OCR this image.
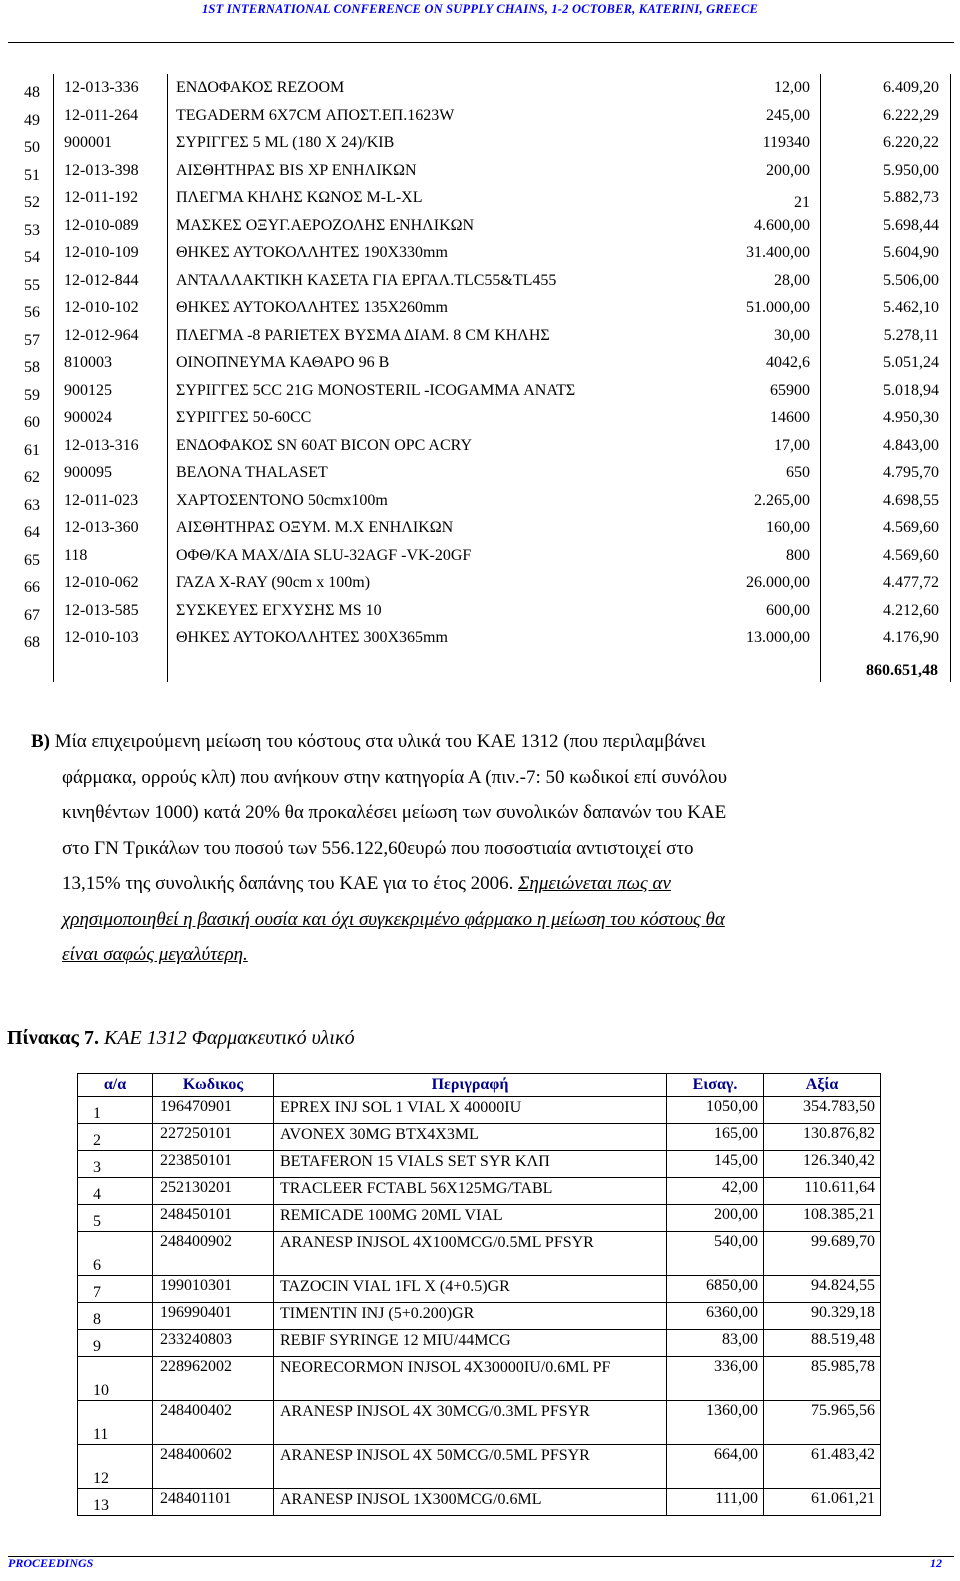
1ST INTERNATIONAL CONFERENCE ON SUPPLY CHAINS, 1-2 OCTOBER, KATERINI, GREECE
48 12-013-336 ΕΝΔΟΦΑΚΟΣ REZOOM	12,00	6.409,20
49 12-011-264 TEGADERM 6X7CM ΑΠΟΣΤ.ΕΠ.1623W	245,00	6.222,29
50 900001	ΣΥΡΙΓΓΕΣ 5 ML (180 X 24)/KIB	119340	6.220,22
51 12-013-398 ΑΙΣΘΗΤΗΡΑΣ BIS XP ΕΝΗΛΙΚΩΝ	200,00	5.950,00
52 12-011-192 ΠΛΕΓΜΑ ΚΗΛΗΣ ΚΩΝΟΣ M-L-XL	21	5.882,73
53 12-010-089 ΜΑΣΚΕΣ ΟΞΥΓ.ΑΕΡΟΖΟΛΗΣ ΕΝΗΛΙΚΩΝ	4.600,00	5.698,44
54 12-010-109 ΘΗΚΕΣ ΑΥΤΟΚΟΛΛΗΤΕΣ 190Χ330mm	31.400,00	5.604,90
55 12-012-844 ΑΝΤΑΛΛΑΚΤΙΚΗ ΚΑΣΕΤΑ ΓΙΑ ΕΡΓΑΛ.TLC55&TL455	28,00	5.506,00
56 12-010-102 ΘΗΚΕΣ ΑΥΤΟΚΟΛΛΗΤΕΣ 135Χ260mm	51.000,00	5.462,10
57 12-012-964 ΠΛΕΓΜΑ -8 PARIETEX ΒΥΣΜΑ ΔΙΑΜ. 8 CM ΚΗΛΗΣ	30,00	5.278,11
58 810003	ΟΙΝΟΠΝΕΥΜΑ ΚΑΘΑΡΟ 96 Β	4042,6	5.051,24
59 900125	ΣΥΡΙΓΓΕΣ 5CC 21G MONOSTERIL -ICOGAMMA ΑΝΑΤΣ	65900	5.018,94
60 900024	ΣΥΡΙΓΓΕΣ 50-60CC	14600	4.950,30
61 12-013-316 ΕΝΔΟΦΑΚΟΣ SN 60AT BICON OPC ACRY	17,00	4.843,00
62 900095	ΒΕΛΟΝΑ THALASET	650	4.795,70
63 12-011-023 ΧΑΡΤΟΣΕΝΤΟΝΟ 50cmx100m	2.265,00	4.698,55
64 12-013-360 ΑΙΣΘΗΤΗΡΑΣ ΟΞΥΜ. Μ.Χ ΕΝΗΛΙΚΩΝ	160,00	4.569,60
65 118	ΟΦΘ/ΚΑ ΜΑΧ/ΔΙΑ SLU-32AGF -VK-20GF	800	4.569,60
66 12-010-062 ΓΑΖΑ X-RAY (90cm x 100m)	26.000,00	4.477,72
67 12-013-585 ΣΥΣΚΕΥΕΣ ΕΓΧΥΣΗΣ MS 10	600,00	4.212,60
68 12-010-103 ΘΗΚΕΣ ΑΥΤΟΚΟΛΛΗΤΕΣ 300Χ365mm	13.000,00	4.176,90
860.651,48
B) Μία επιχειρούμενη μείωση του κόστους στα υλικά του ΚΑΕ 1312 (που περιλαμβάνει
φάρμακα, ορρούς κλπ) που ανήκουν στην κατηγορία Α (πιν.-7: 50 κωδικοί επί συνόλου
κινηθέντων 1000) κατά 20% θα προκαλέσει μείωση των συνολικών δαπανών του ΚΑΕ
στο ΓΝ Τρικάλων του ποσού των 556.122,60ευρώ που ποσοστιαία αντιστοιχεί στο
13,15% της συνολικής δαπάνης του ΚΑΕ για το έτος 2006. Σημειώνεται πως αν
χρησιμοποιηθεί η βασική ουσία και όχι συγκεκριμένο φάρμακο η μείωση του κόστους θα
είναι σαφώς μεγαλύτερη.
Πίνακας 7. ΚΑΕ 1312 Φαρμακευτικό υλικό
α/α	Κωδικος	Περιγραφή	Εισαγ.	Αξία
1	196470901	EPREX INJ SOL 1 VIAL X 40000IU	1050,00	354.783,50
2	227250101	AVONEX 30MG BTX4X3ML	165,00	130.876,82
3	223850101	BETAFERON 15 VIALS SET SYR ΚΛΠ	145,00	126.340,42
4	252130201	TRACLEER FCTABL 56X125MG/TABL	42,00	110.611,64
5	248450101	REMICADE 100MG 20ML VIAL	200,00	108.385,21
6	248400902	ARANESP INJSOL 4X100MCG/0.5ML PFSYR	540,00	99.689,70
7	199010301	TAZOCIN VIAL 1FL X (4+0.5)GR	6850,00	94.824,55
8	196990401	TIMENTIN INJ (5+0.200)GR	6360,00	90.329,18
9	233240803	REBIF SYRINGE 12 MIU/44MCG	83,00	88.519,48
10	228962002	NEORECORMON INJSOL 4X30000IU/0.6ML PF	336,00	85.985,78
11	248400402	ARANESP INJSOL 4X 30MCG/0.3ML PFSYR	1360,00	75.965,56
12	248400602	ARANESP INJSOL 4X 50MCG/0.5ML PFSYR	664,00	61.483,42
13	248401101	ARANESP INJSOL 1X300MCG/0.6ML	111,00	61.061,21
PROCEEDINGS	12
